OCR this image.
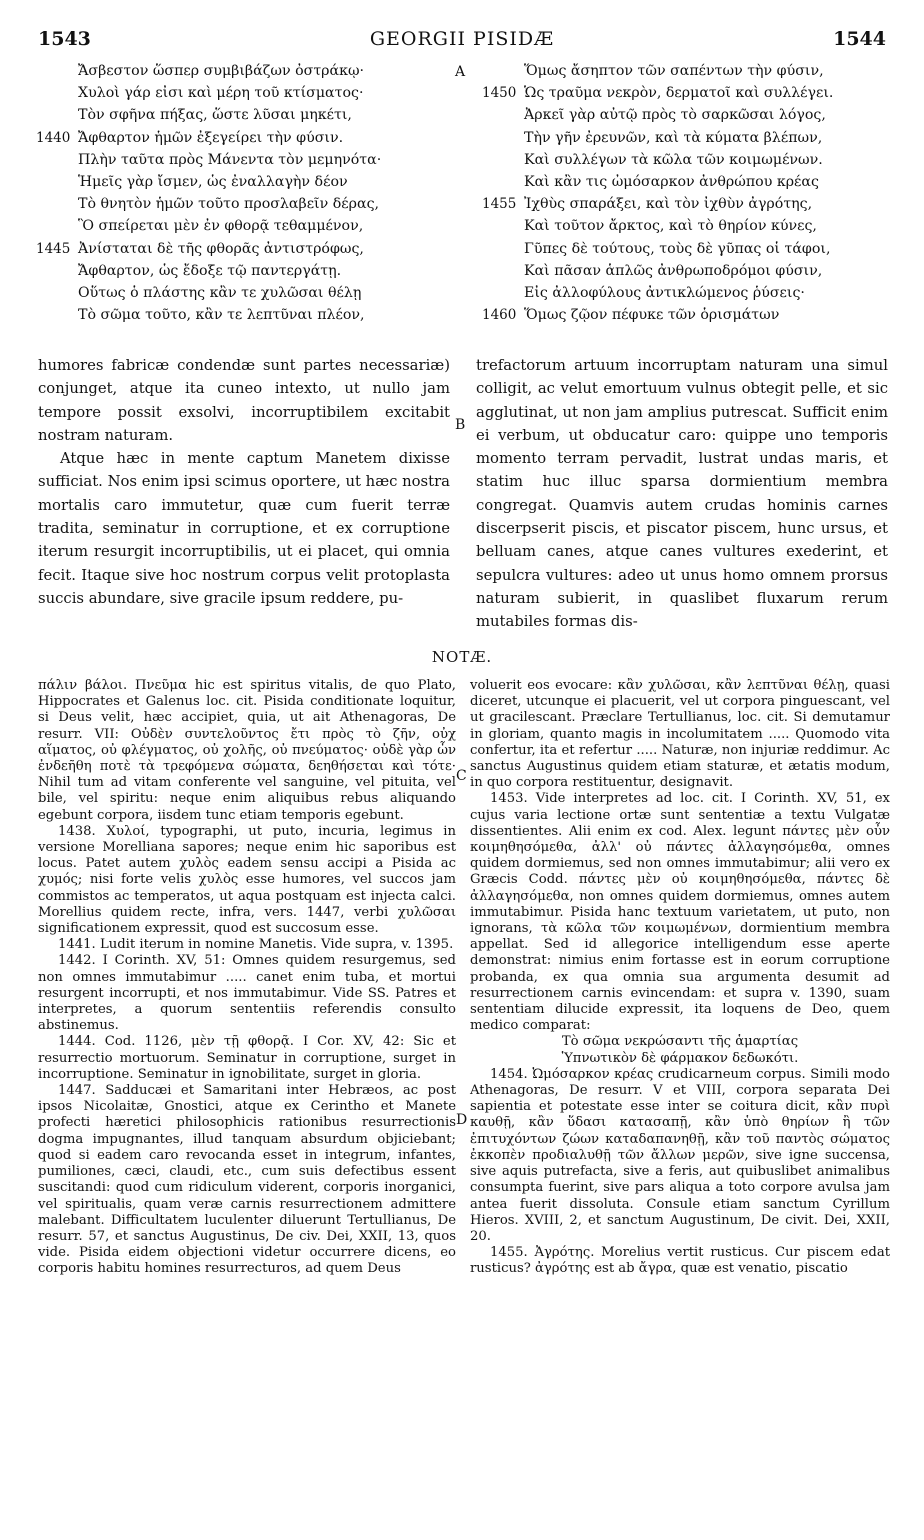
1543	GEORGII PISIDÆ	1544
Ἄσβεστον ὥσπερ συμβιβάζων ὀστράκῳ·
Χυλοὶ γάρ εἰσι καὶ μέρη τοῦ κτίσματος·
Τὸν σφῆνα πήξας, ὥστε λῦσαι μηκέτι,
1440 Ἄφθαρτον ἡμῶν ἐξεγείρει τὴν φύσιν.
Πλὴν ταῦτα πρὸς Μάνεντα τὸν μεμηνότα·
Ἡμεῖς γὰρ ἴσμεν, ὡς ἐναλλαγὴν δέον
Τὸ θνητὸν ἡμῶν τοῦτο προσλαβεῖν δέρας,
Ὃ σπείρεται μὲν ἐν φθορᾷ τεθαμμένον,
1445 Ἀνίσταται δὲ τῆς φθορᾶς ἀντιστρόφως,
Ἄφθαρτον, ὡς ἔδοξε τῷ παντεργάτῃ.
Οὕτως ὁ πλάστης κἂν τε χυλῶσαι θέλῃ
Τὸ σῶμα τοῦτο, κἂν τε λεπτῦναι πλέον,
Ὅμως ἄσηπτον τῶν σαπέντων τὴν φύσιν,
1450 Ὡς τραῦμα νεκρὸν, δερματοῖ καὶ συλλέγει.
Ἀρκεῖ γὰρ αὐτῷ πρὸς τὸ σαρκῶσαι λόγος,
Τὴν γῆν ἐρευνῶν, καὶ τὰ κύματα βλέπων,
Καὶ συλλέγων τὰ κῶλα τῶν κοιμωμένων.
Καὶ κἂν τις ὠμόσαρκον ἀνθρώπου κρέας
1455 Ἰχθὺς σπαράξει, καὶ τὸν ἰχθὺν ἀγρότης,
Καὶ τοῦτον ἄρκτος, καὶ τὸ θηρίον κύνες,
Γῦπες δὲ τούτους, τοὺς δὲ γῦπας οἱ τάφοι,
Καὶ πᾶσαν ἁπλῶς ἀνθρωποδρόμοι φύσιν,
Εἰς ἀλλοφύλους ἀντικλώμενος ῥύσεις·
1460 Ὅμως ζῷον πέφυκε τῶν ὁρισμάτων
A
B
C
D

humores fabricæ condendæ sunt partes necessariæ) conjunget, atque ita cuneo intexto, ut nullo jam tempore possit exsolvi, incorruptibilem excitabit nostram naturam.

Atque hæc in mente captum Manetem dixisse sufficiat. Nos enim ipsi scimus oportere, ut hæc nostra mortalis caro immutetur, quæ cum fuerit terræ tradita, seminatur in corruptione, et ex corruptione iterum resurgit incorruptibilis, ut ei placet, qui omnia fecit. Itaque sive hoc nostrum corpus velit protoplasta succis abundare, sive gracile ipsum reddere, pu-

trefactorum artuum incorruptam naturam una simul colligit, ac velut emortuum vulnus obtegit pelle, et sic agglutinat, ut non jam amplius putrescat. Sufficit enim ei verbum, ut obducatur caro: quippe uno temporis momento terram pervadit, lustrat undas maris, et statim huc illuc sparsa dormientium membra congregat. Quamvis autem crudas hominis carnes discerpserit piscis, et piscator piscem, hunc ursus, et belluam canes, atque canes vultures exederint, et sepulcra vultures: adeo ut unus homo omnem prorsus naturam subierit, in quaslibet fluxarum rerum mutabiles formas dis-

NOTÆ.

πάλιν βάλοι. Πνεῦμα hic est spiritus vitalis, de quo Plato, Hippocrates et Galenus loc. cit. Pisida conditionate loquitur, si Deus velit, hæc accipiet, quia, ut ait Athenagoras, De resurr. VII: Οὐδὲν συντελοῦντος ἔτι πρὸς τὸ ζῆν, οὐχ αἵματος, οὐ φλέγματος, οὐ χολῆς, οὐ πνεύματος· οὐδὲ γὰρ ὧν ἐνδεῆθη ποτὲ τὰ τρεφόμενα σώματα, δεηθήσεται καὶ τότε· Nihil tum ad vitam conferente vel sanguine, vel pituita, vel bile, vel spiritu: neque enim aliquibus rebus aliquando egebunt corpora, iisdem tunc etiam temporis egebunt.

1438. Χυλοί, typographi, ut puto, incuria, legimus in versione Morelliana sapores; neque enim hic saporibus est locus. Patet autem χυλὸς eadem sensu accipi a Pisida ac χυμός; nisi forte velis χυλὸς esse humores, vel succos jam commistos ac temperatos, ut aqua postquam est injecta calci. Morellius quidem recte, infra, vers. 1447, verbi χυλῶσαι significationem expressit, quod est succosum esse.

1441. Ludit iterum in nomine Manetis. Vide supra, v. 1395.

1442. I Corinth. XV, 51: Omnes quidem resurgemus, sed non omnes immutabimur ..... canet enim tuba, et mortui resurgent incorrupti, et nos immutabimur. Vide SS. Patres et interpretes, a quorum sententiis referendis consulto abstinemus.

1444. Cod. 1126, μὲν τῇ φθορᾷ. I Cor. XV, 42: Sic et resurrectio mortuorum. Seminatur in corruptione, surget in incorruptione. Seminatur in ignobilitate, surget in gloria.

1447. Sadducæi et Samaritani inter Hebræos, ac post ipsos Nicolaitæ, Gnostici, atque ex Cerintho et Manete profecti hæretici philosophicis rationibus resurrectionis dogma impugnantes, illud tanquam absurdum objiciebant; quod si eadem caro revocanda esset in integrum, infantes, pumiliones, cæci, claudi, etc., cum suis defectibus essent suscitandi: quod cum ridiculum viderent, corporis inorganici, vel spiritualis, quam veræ carnis resurrectionem admittere malebant. Difficultatem luculenter diluerunt Tertullianus, De resurr. 57, et sanctus Augustinus, De civ. Dei, XXII, 13, quos vide. Pisida eidem objectioni videtur occurrere dicens, eo corporis habitu homines resurrecturos, ad quem Deus

voluerit eos evocare: κἂν χυλῶσαι, κἂν λεπτῦναι θέλῃ, quasi diceret, utcunque ei placuerit, vel ut corpora pinguescant, vel ut gracilescant. Præclare Tertullianus, loc. cit. Si demutamur in gloriam, quanto magis in incolumitatem ..... Quomodo vita confertur, ita et refertur ..... Naturæ, non injuriæ reddimur. Ac sanctus Augustinus quidem etiam staturæ, et ætatis modum, in quo corpora restituentur, designavit.

1453. Vide interpretes ad loc. cit. I Corinth. XV, 51, ex cujus varia lectione ortæ sunt sententiæ a textu Vulgatæ dissentientes. Alii enim ex cod. Alex. legunt πάντες μὲν οὖν κοιμηθησόμεθα, ἀλλ' οὐ πάντες ἀλλαγησόμεθα, omnes quidem dormiemus, sed non omnes immutabimur; alii vero ex Græcis Codd. πάντες μὲν οὐ κοιμηθησόμεθα, πάντες δὲ ἀλλαγησόμεθα, non omnes quidem dormiemus, omnes autem immutabimur. Pisida hanc textuum varietatem, ut puto, non ignorans, τὰ κῶλα τῶν κοιμωμένων, dormientium membra appellat. Sed id allegorice intelligendum esse aperte demonstrat: nimius enim fortasse est in eorum corruptione probanda, ex qua omnia sua argumenta desumit ad resurrectionem carnis evincendam: et supra v. 1390, suam sententiam dilucide expressit, ita loquens de Deo, quem medico comparat:

Τὸ σῶμα νεκρώσαντι τῆς ἁμαρτίας

Ὑπνωτικὸν δὲ φάρμακον δεδωκότι.

1454. Ὠμόσαρκον κρέας crudicarneum corpus. Simili modo Athenagoras, De resurr. V et VIII, corpora separata Dei sapientia et potestate esse inter se coitura dicit, κἂν πυρὶ καυθῇ, κἂν ὕδασι κατασαπῇ, κἂν ὑπὸ θηρίων ἢ τῶν ἐπιτυχόντων ζώων καταδαπανηθῇ, κἂν τοῦ παντὸς σώματος ἐκκοπὲν προδιαλυθῇ τῶν ἄλλων μερῶν, sive igne succensa, sive aquis putrefacta, sive a feris, aut quibuslibet animalibus consumpta fuerint, sive pars aliqua a toto corpore avulsa jam antea fuerit dissoluta. Consule etiam sanctum Cyrillum Hieros. XVIII, 2, et sanctum Augustinum, De civit. Dei, XXII, 20.

1455. Ἀγρότης. Morelius vertit rusticus. Cur piscem edat rusticus? ἀγρότης est ab ἄγρα, quæ est venatio, piscatio
